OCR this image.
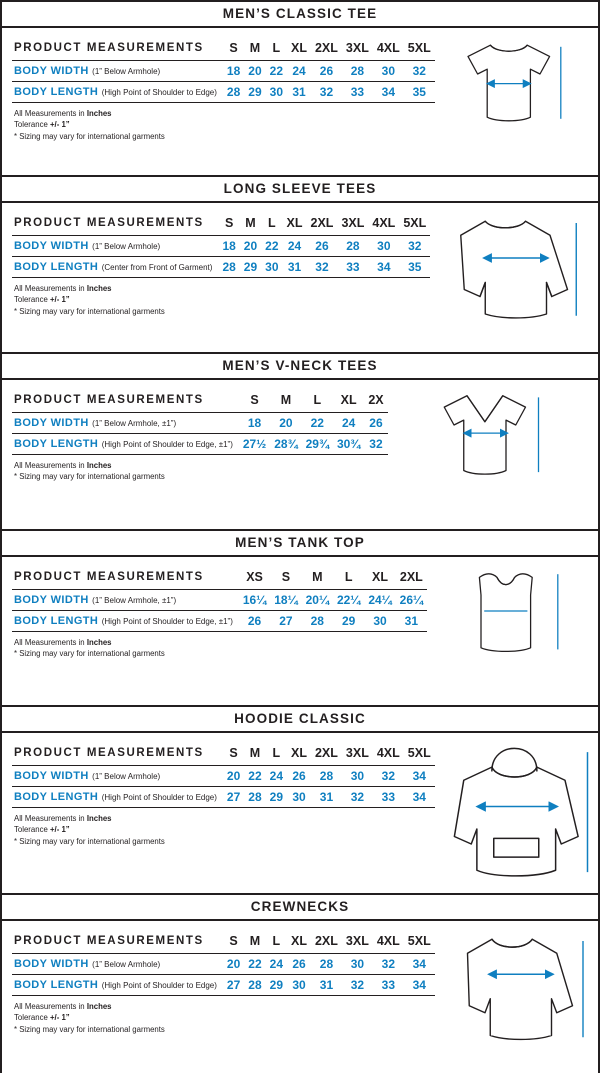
MEN’S CLASSIC TEE
PRODUCT MEASUREMENTS	S	M	L	XL	2XL	3XL	4XL	5XL
BODY WIDTH (1” Below Armhole)	18	20	22	24	26	28	30	32
BODY LENGTH (High Point of Shoulder to Edge)	28	29	30	31	32	33	34	35
All Measurements in Inches
Tolerance +/- 1”
* Sizing may vary for international garments
LONG SLEEVE TEES
PRODUCT MEASUREMENTS	S	M	L	XL	2XL	3XL	4XL	5XL
BODY WIDTH (1” Below Armhole)	18	20	22	24	26	28	30	32
BODY LENGTH (Center from Front of Garment)	28	29	30	31	32	33	34	35
All Measurements in Inches
Tolerance +/- 1”
* Sizing may vary for international garments
MEN’S V-NECK TEES
PRODUCT MEASUREMENTS	S	M	L	XL	2X
BODY WIDTH (1” Below Armhole, ±1”)	18	20	22	24	26
BODY LENGTH (High Point of Shoulder to Edge, ±1”)	27½	28¾	29¾	30¾	32
All Measurements in Inches
* Sizing may vary for international garments
MEN’S TANK TOP
PRODUCT MEASUREMENTS	XS	S	M	L	XL	2XL
BODY WIDTH (1” Below Armhole, ±1”)	16¼	18¼	20¼	22¼	24¼	26¼
BODY LENGTH (High Point of Shoulder to Edge, ±1”)	26	27	28	29	30	31
All Measurements in Inches
* Sizing may vary for international garments
HOODIE CLASSIC
PRODUCT MEASUREMENTS	S	M	L	XL	2XL	3XL	4XL	5XL
BODY WIDTH (1” Below Armhole)	20	22	24	26	28	30	32	34
BODY LENGTH (High Point of Shoulder to Edge)	27	28	29	30	31	32	33	34
All Measurements in Inches
Tolerance +/- 1”
* Sizing may vary for international garments
CREWNECKS
PRODUCT MEASUREMENTS	S	M	L	XL	2XL	3XL	4XL	5XL
BODY WIDTH (1” Below Armhole)	20	22	24	26	28	30	32	34
BODY LENGTH (High Point of Shoulder to Edge)	27	28	29	30	31	32	33	34
All Measurements in Inches
Tolerance +/- 1”
* Sizing may vary for international garments
